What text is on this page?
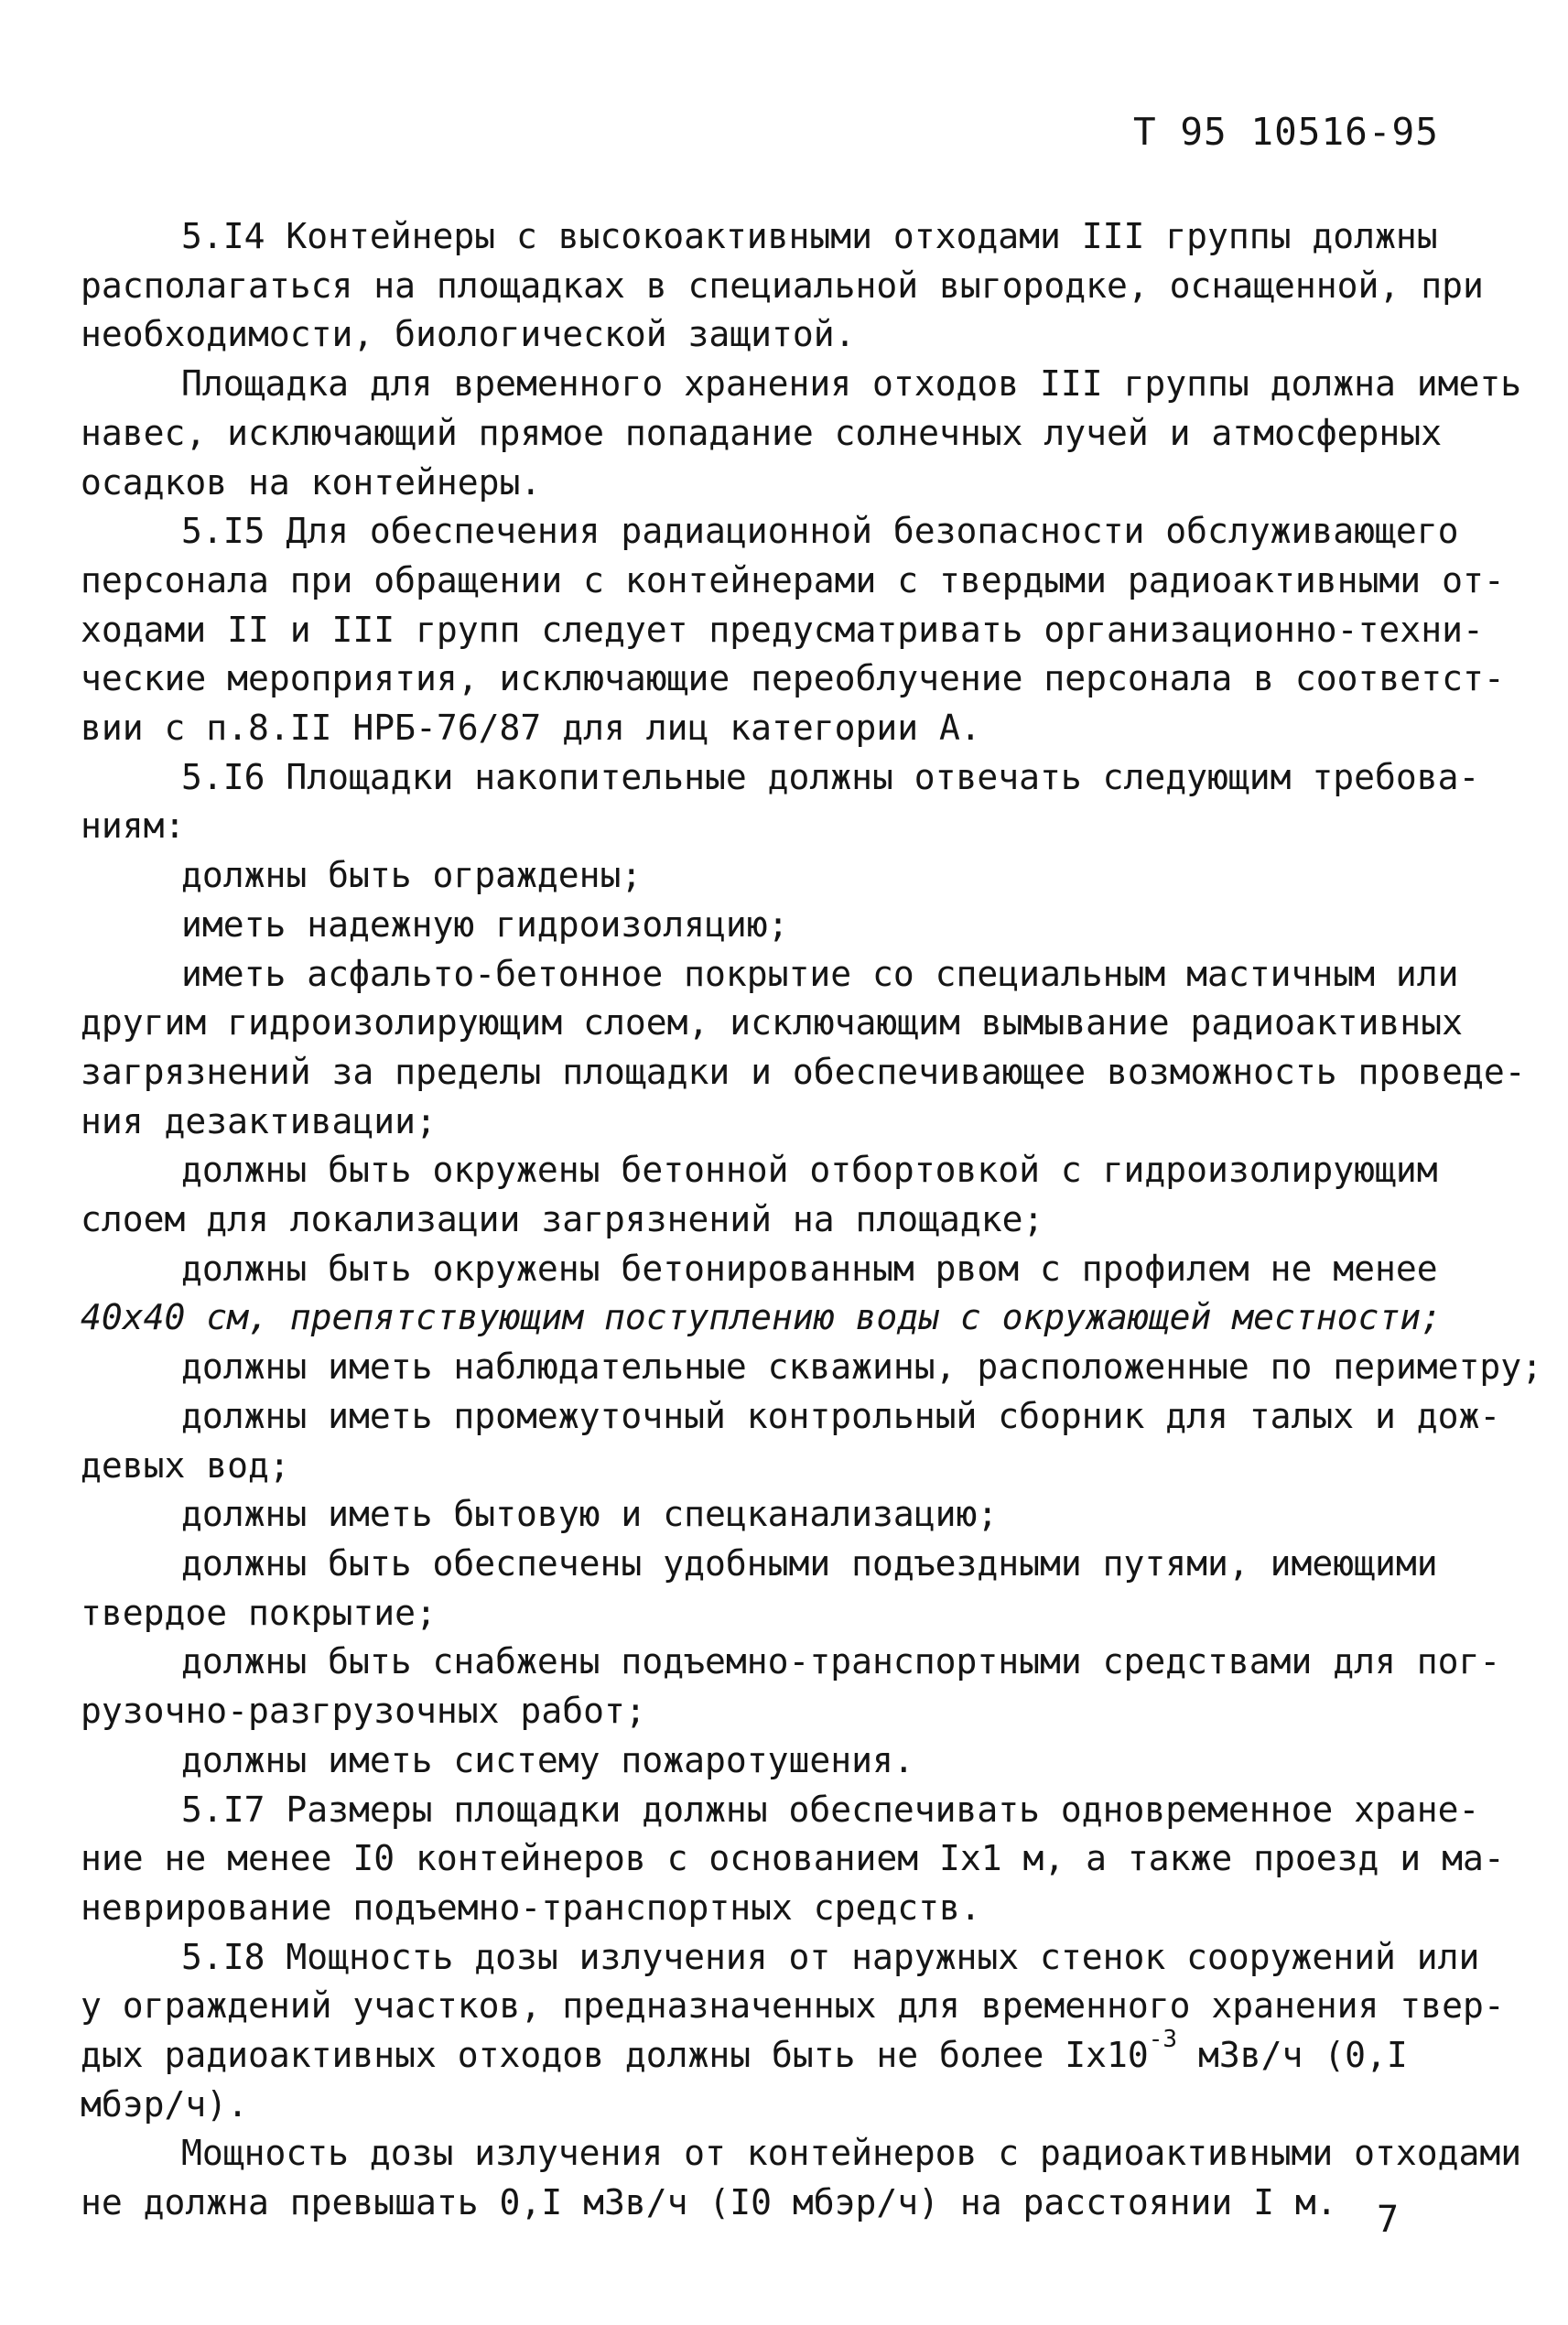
Т 95 10516-95

5.I4 Контейнеры с высокоактивными отходами III группы должны

располагаться на площадках в специальной выгородке, оснащенной, при

необходимости, биологической защитой.

Площадка для временного хранения отходов III группы должна иметь

навес, исключающий прямое попадание солнечных лучей и атмосферных

осадков на контейнеры.

5.I5 Для обеспечения радиационной безопасности обслуживающего

персонала при обращении с контейнерами с твердыми радиоактивными от-

ходами II и III групп следует предусматривать организационно-техни-

ческие мероприятия, исключающие переоблучение персонала в соответст-

вии с п.8.II НРБ-76/87 для лиц категории А.

5.I6 Площадки накопительные должны отвечать следующим требова-

ниям:

должны быть ограждены;

иметь надежную гидроизоляцию;

иметь асфальто-бетонное покрытие со специальным мастичным или

другим гидроизолирующим слоем, исключающим вымывание радиоактивных

загрязнений за пределы площадки и обеспечивающее возможность проведе-

ния дезактивации;

должны быть окружены бетонной отбортовкой с гидроизолирующим

слоем для локализации загрязнений на площадке;

должны быть окружены бетонированным рвом с профилем не менее

40х40 см, препятствующим поступлению воды с окружающей местности;

должны иметь наблюдательные скважины, расположенные по периметру;

должны иметь промежуточный контрольный сборник для талых и дож-

девых вод;

должны иметь бытовую и спецканализацию;

должны быть обеспечены удобными подъездными путями, имеющими

твердое покрытие;

должны быть снабжены подъемно-транспортными средствами для пог-

рузочно-разгрузочных работ;

должны иметь систему пожаротушения.

5.I7 Размеры площадки должны обеспечивать одновременное хране-

ние не менее I0 контейнеров с основанием Iх1 м, а также проезд и ма-

неврирование подъемно-транспортных средств.

5.I8 Мощность дозы излучения от наружных стенок сооружений или

у ограждений участков, предназначенных для временного хранения твер-

дых радиоактивных отходов должны быть не более $Iх10^{-3}$ мЗв/ч (0,I

мбэр/ч).

Мощность дозы излучения от контейнеров с радиоактивными отходами

не должна превышать 0,I мЗв/ч (I0 мбэр/ч) на расстоянии I м.	7
